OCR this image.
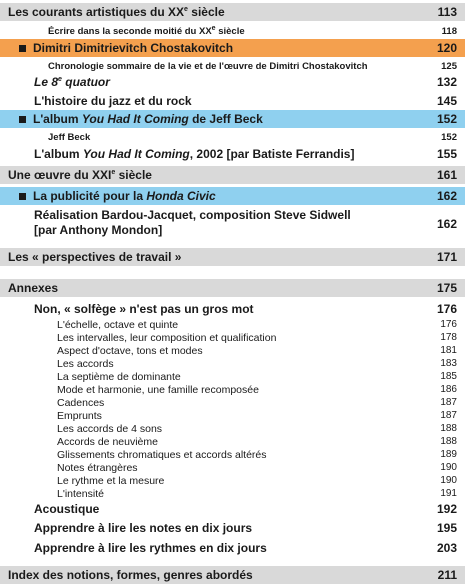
Les courants artistiques du XXe siècle	113
Écrire dans la seconde moitié du XXe siècle	118
Dimitri Dimitrievitch Chostakovitch	120
Chronologie sommaire de la vie et de l'œuvre de Dimitri Chostakovitch	125
Le 8e quatuor	132
L'histoire du jazz et du rock	145
L'album You Had It Coming de Jeff Beck	152
Jeff Beck	152
L'album You Had It Coming, 2002 [par Batiste Ferrandis]	155
Une œuvre du XXIe siècle	161
La publicité pour la Honda Civic	162
Réalisation Bardou-Jacquet, composition Steve Sidwell
[par Anthony Mondon]	162
Les « perspectives de travail »	171
Annexes	175
Non, « solfège » n'est pas un gros mot	176
L'échelle, octave et quinte	176
Les intervalles, leur composition et qualification	178
Aspect d'octave, tons et modes	181
Les accords	183
La septième de dominante	185
Mode et harmonie, une famille recomposée	186
Cadences	187
Emprunts	187
Les accords de 4 sons	188
Accords de neuvième	188
Glissements chromatiques et accords altérés	189
Notes étrangères	190
Le rythme et la mesure	190
L'intensité	191
Acoustique	192
Apprendre à lire les notes en dix jours	195
Apprendre à lire les rythmes en dix jours	203
Index des notions, formes, genres abordés	211
